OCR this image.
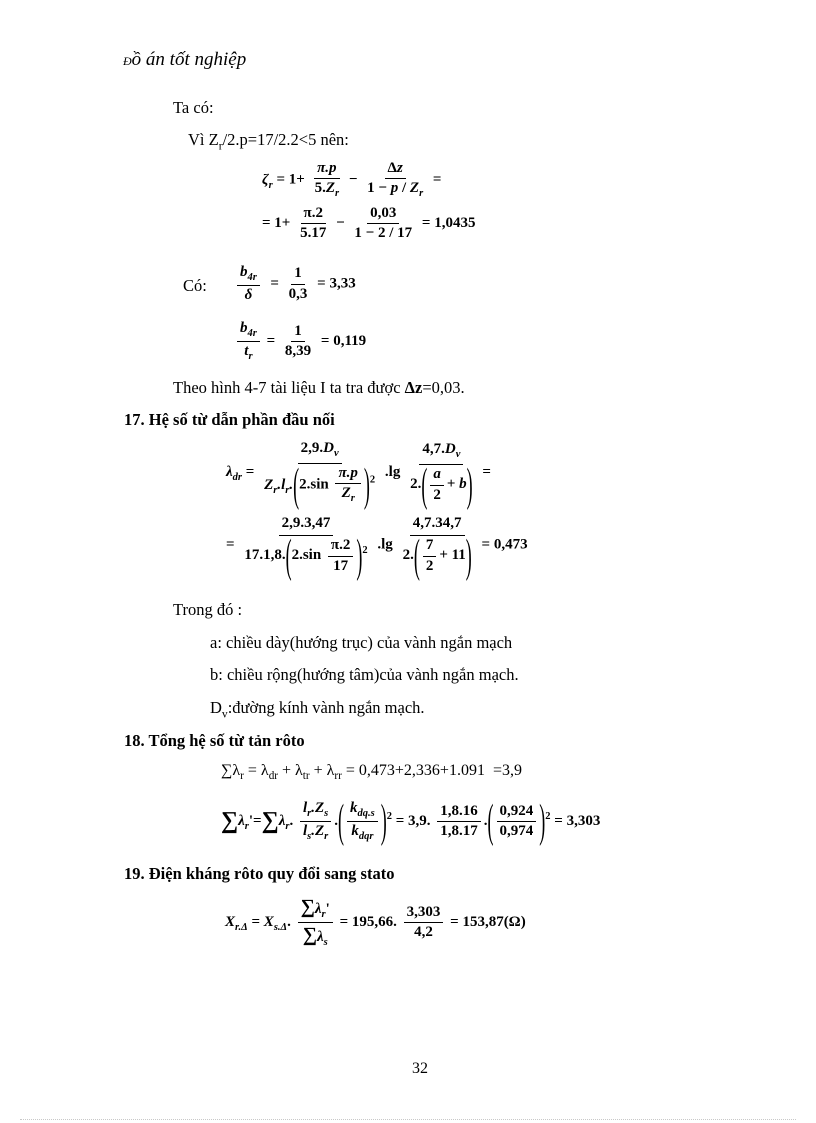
Đồ án tốt nghiệp
Ta có:
Vì $Z_r/2.p=17/2.2<5$ nên:
$\zeta_r = 1+ \frac{\pi.p}{5.Z_r} - \frac{\Delta z}{1 - p / Z_r}$ =
= $1+ \frac{\pi.2}{5.17} - \frac{0,03}{1 - 2 / 17} = 1,0435$
Có: $\frac{b_{4r}}{\delta} = \frac{1}{0,3} = 3,33$
$\frac{b_{4r}}{t_r} = \frac{1}{8,39} = 0,119$
Theo hình 4-7 tài liệu I ta tra được Δz=0,03.
17. Hệ số từ dẫn phần đầu nối
$\lambda_{dr} = \frac{2,9.D_v}{Z_r.l_r.(2.\sin \frac{\pi.p}{Z_r} )^2} .\lg \frac{4,7.D_v}{2.( \frac{a}{2} + b)}$ =
= $\frac{2,9.3,47}{17.1,8.(2.\sin \frac{\pi.2}{17} )^2} .\lg \frac{4,7.34,7}{2.( \frac{7}{2} + 11)} = 0,473$
Trong đó :
a: chiều dày(hướng trục) của vành ngắn mạch
b: chiều rộng(hướng tâm)của vành ngắn mạch.
$D_v:đường$ kính vành ngắn mạch.
18. Tổng hệ số từ tản rôto
$\sum\lambda_r = \lambda_{dr} + \lambda_{tr} + \lambda_{rr} = 0,473+2,336+1.091 =3,9$
$\sum\lambda_r'=\sum\lambda_r$. $\frac{l_r.Z_s}{l_s.Z_r}$ .( $\frac{k_{dq.s}}{k_{dqr}} )^2 = 3,9$. $\frac{1,8.16}{1,8.17}$ .( $\frac{0,924}{0,974} )^2 = 3,303$
19. Điện kháng rôto quy đổi sang stato
$X_{r.\Delta} = X_{s.\Delta}$. $\frac{\sum\lambda_r'}{\sum\lambda_s} = 195,66$. $\frac{3,303}{4,2} = 153,87(\Omega)$
32
